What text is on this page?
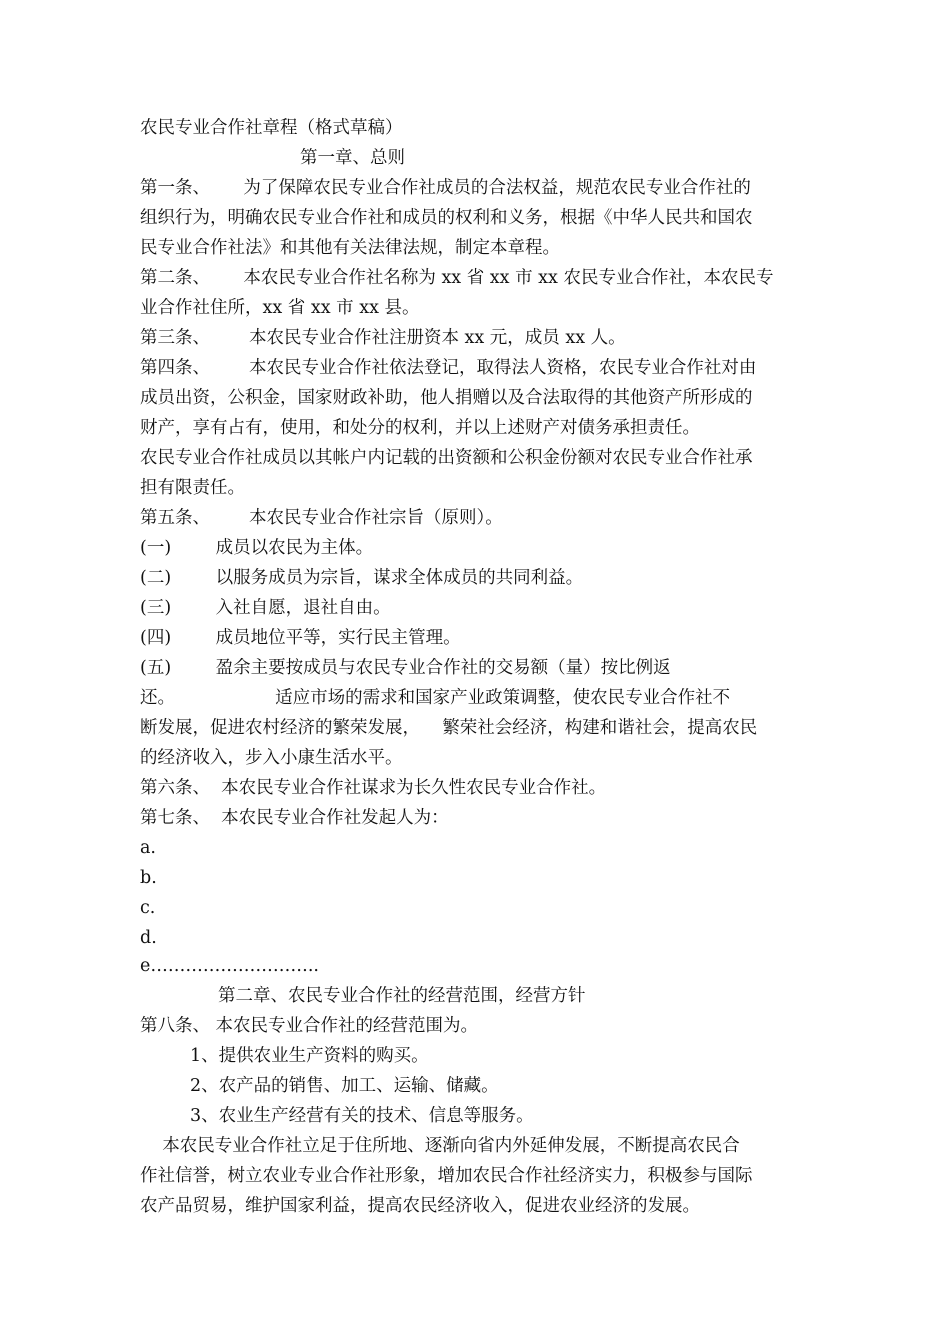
农民专业合作社章程（格式草稿）
第一章、总则
第一条、      为了保障农民专业合作社成员的合法权益，规范农民专业合作社的
组织行为，明确农民专业合作社和成员的权利和义务，根据《中华人民共和国农
民专业合作社法》和其他有关法律法规，制定本章程。
第二条、      本农民专业合作社名称为 xx 省 xx 市 xx 农民专业合作社，本农民专
业合作社住所，xx 省 xx 市 xx 县。
第三条、       本农民专业合作社注册资本 xx 元，成员 xx 人。
第四条、       本农民专业合作社依法登记，取得法人资格，农民专业合作社对由
成员出资，公积金，国家财政补助，他人捐赠以及合法取得的其他资产所形成的
财产，享有占有，使用，和处分的权利，并以上述财产对债务承担责任。
农民专业合作社成员以其帐户内记载的出资额和公积金份额对农民专业合作社承
担有限责任。
第五条、       本农民专业合作社宗旨（原则）。
(一)        成员以农民为主体。
(二)        以服务成员为宗旨，谋求全体成员的共同利益。
(三)        入社自愿，退社自由。
(四)        成员地位平等，实行民主管理。
(五)        盈余主要按成员与农民专业合作社的交易额（量）按比例返
还。                  适应市场的需求和国家产业政策调整，使农民专业合作社不
断发展，促进农村经济的繁荣发展，    繁荣社会经济，构建和谐社会，提高农民
的经济收入，步入小康生活水平。
第六条、  本农民专业合作社谋求为长久性农民专业合作社。
第七条、  本农民专业合作社发起人为：
a.
b.
c.
d.
e………………………..
第二章、农民专业合作社的经营范围，经营方针
第八条、 本农民专业合作社的经营范围为。
1、提供农业生产资料的购买。
2、农产品的销售、加工、运输、储藏。
3、农业生产经营有关的技术、信息等服务。
本农民专业合作社立足于住所地、逐渐向省内外延伸发展，不断提高农民合
作社信誉，树立农业专业合作社形象，增加农民合作社经济实力，积极参与国际
农产品贸易，维护国家利益，提高农民经济收入，促进农业经济的发展。
